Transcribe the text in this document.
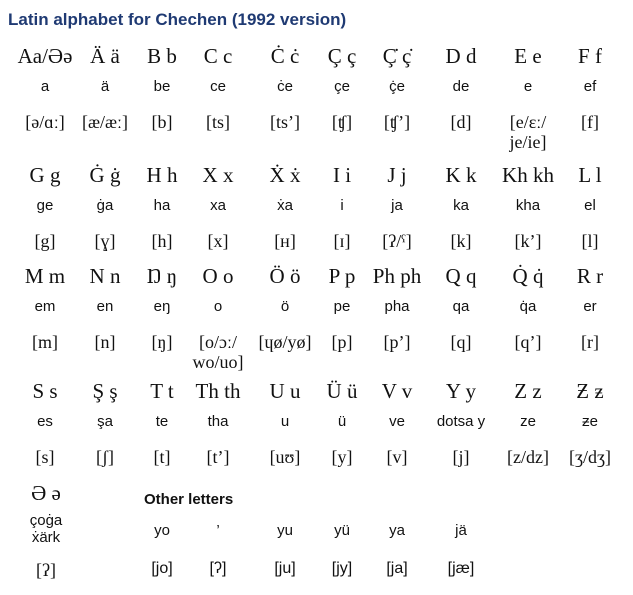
Latin alphabet for Chechen (1992 version)
Aa/Əə
a
[ə/ɑː]
Ä ä
ä
[æ/æː]
B b
be
[b]
C c
ce
[ts]
Ċ ċ
ċe
[ts’]
Ç ç
çe
[ʧ]
Ç̇ ç̇
ç̇e
[ʧ’]
D d
de
[d]
E e
e
[e/ɛː/
je/ie]
F f
ef
[f]
G g
ge
[g]
Ġ ġ
ġa
[ɣ]
H h
ha
[h]
X x
xa
[x]
Ẋ ẋ
ẋa
[ʜ]
I i
i
[ɪ]
J j
ja
[ʔ/ˁ]
K k
ka
[k]
Kh kh
kha
[k’]
L l
el
[l]
M m
em
[m]
N n
en
[n]
Ŋ ŋ
eŋ
[ŋ]
O o
o
[o/ɔː/
wo/uo]
Ö ö
ö
[ɥø/yø]
P p
pe
[p]
Ph ph
pha
[p’]
Q q
qa
[q]
Q̇ q̇
q̇a
[q’]
R r
er
[r]
S s
es
[s]
Ş ş
şa
[ʃ]
T t
te
[t]
Th th
tha
[t’]
U u
u
[uʊ]
Ü ü
ü
[y]
V v
ve
[v]
Y y
dotsa y
[j]
Z z
ze
[z/dz]
Ƶ ƶ
ƶe
[ʒ/dʒ]
Ə ə
çoġa
ẋärk
[ʔ]
Other letters
yo
[jo]
’
[ʔ]
yu
[ju]
yü
[jy]
ya
[ja]
jä
[jæ]
